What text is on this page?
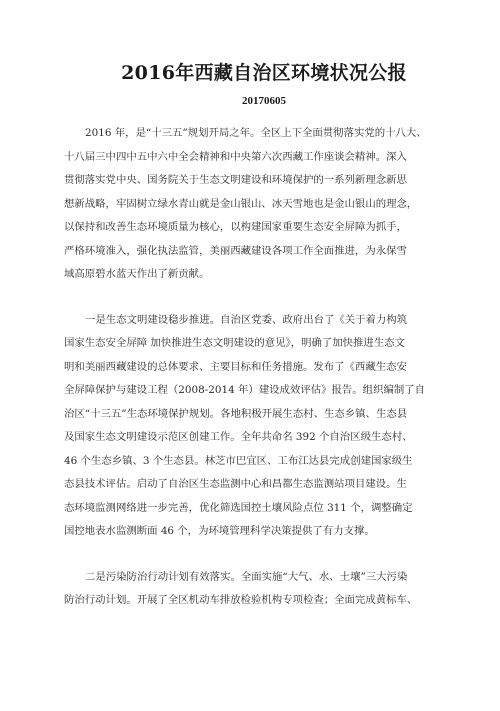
2016年西藏自治区环境状况公报
20170605

2016 年，是“十三五”规划开局之年。全区上下全面贯彻落实党的十八大、
十八届三中四中五中六中全会精神和中央第六次西藏工作座谈会精神。深入
贯彻落实党中央、国务院关于生态文明建设和环境保护的一系列新理念新思
想新战略，牢固树立绿水青山就是金山银山、冰天雪地也是金山银山的理念，
以保持和改善生态环境质量为核心，以构建国家重要生态安全屏障为抓手，
严格环境准入，强化执法监管，美丽西藏建设各项工作全面推进，为永保雪
域高原碧水蓝天作出了新贡献。

一是生态文明建设稳步推进。自治区党委、政府出台了《关于着力构筑
国家生态安全屏障 加快推进生态文明建设的意见》，明确了加快推进生态文
明和美丽西藏建设的总体要求、主要目标和任务措施。发布了《西藏生态安
全屏障保护与建设工程（2008-2014 年）建设成效评估》报告。组织编制了自
治区“十三五”生态环境保护规划。各地积极开展生态村、生态乡镇、生态县
及国家生态文明建设示范区创建工作。全年共命名 392 个自治区级生态村、
46 个生态乡镇、3 个生态县。林芝市巴宜区、工布江达县完成创建国家级生
态县技术评估。启动了自治区生态监测中心和昌都生态监测站项目建设。生
态环境监测网络进一步完善，优化筛选国控土壤风险点位 311 个，调整确定
国控地表水监测断面 46 个，为环境管理科学决策提供了有力支撑。

二是污染防治行动计划有效落实。全面实施“大气、水、土壤”三大污染
防治行动计划。开展了全区机动车排放检验机构专项检查；全面完成黄标车、
